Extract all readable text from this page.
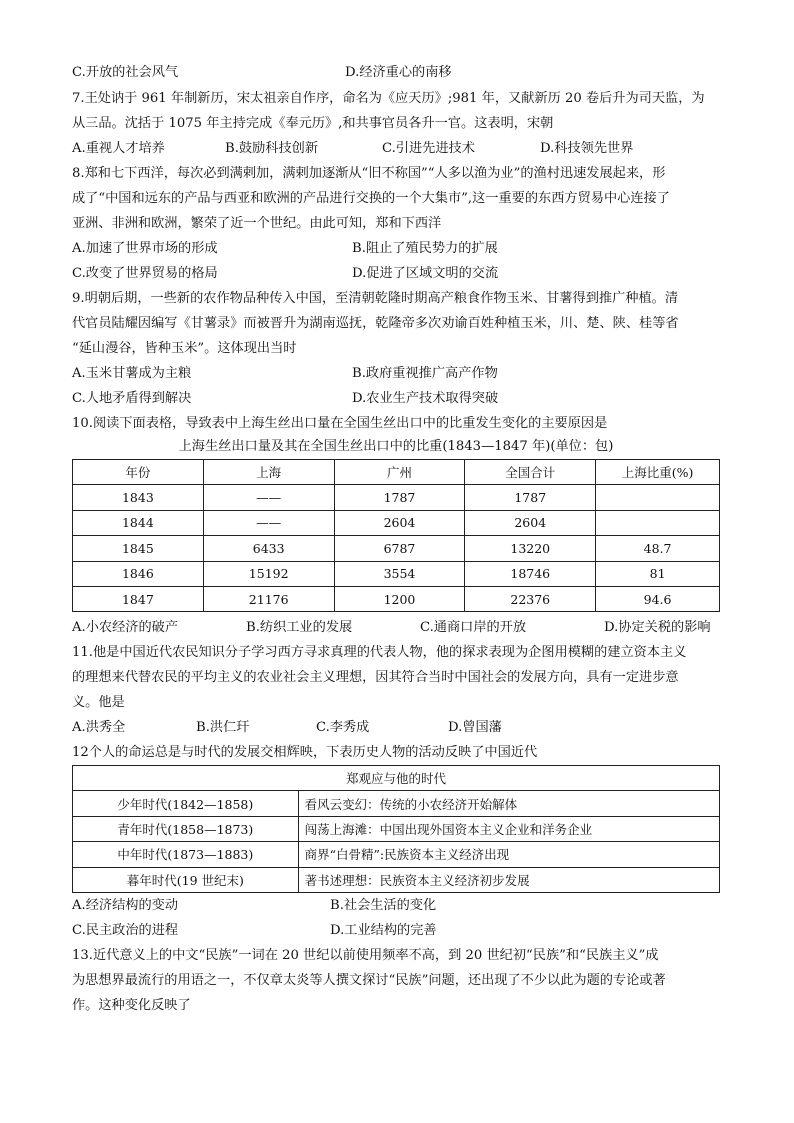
C.开放的社会风气	D.经济重心的南移
7.王处讷于 961 年制新历，宋太祖亲自作序，命名为《应天历》;981 年，又献新历 20 卷后升为司天监，为
从三品。沈括于 1075 年主持完成《奉元历》,和共事官员各升一官。这表明，宋朝
A.重视人才培养	B.鼓励科技创新	C.引进先进技术	D.科技领先世界
8.郑和七下西洋，每次必到满剌加，满剌加逐渐从“旧不称国”“人多以渔为业”的渔村迅速发展起来，形
成了“中国和远东的产品与西亚和欧洲的产品进行交换的一个大集市”,这一重要的东西方贸易中心连接了
亚洲、非洲和欧洲，繁荣了近一个世纪。由此可知，郑和下西洋
A.加速了世界市场的形成	B.阻止了殖民势力的扩展
C.改变了世界贸易的格局	D.促进了区域文明的交流
9.明朝后期，一些新的农作物品种传入中国，至清朝乾隆时期高产粮食作物玉米、甘薯得到推广种植。清
代官员陆耀因编写《甘薯录》而被晋升为湖南巡抚，乾隆帝多次劝谕百姓种植玉米，川、楚、陕、桂等省
“延山漫谷，皆种玉米”。这体现出当时
A.玉米甘薯成为主粮	B.政府重视推广高产作物
C.人地矛盾得到解决	D.农业生产技术取得突破
10.阅读下面表格，导致表中上海生丝出口量在全国生丝出口中的比重发生变化的主要原因是
上海生丝出口量及其在全国生丝出口中的比重(1843—1847 年)(单位：包)
年份	上海	广州	全国合计	上海比重(%)
1843	——	1787	1787	
1844	——	2604	2604	
1845	6433	6787	13220	48.7
1846	15192	3554	18746	81
1847	21176	1200	22376	94.6
A.小农经济的破产	B.纺织工业的发展	C.通商口岸的开放	D.协定关税的影响
11.他是中国近代农民知识分子学习西方寻求真理的代表人物，他的探求表现为企图用模糊的建立资本主义
的理想来代替农民的平均主义的农业社会主义理想，因其符合当时中国社会的发展方向，具有一定进步意
义。他是
A.洪秀全	B.洪仁玕	C.李秀成	D.曾国藩
12个人的命运总是与时代的发展交相辉映，下表历史人物的活动反映了中国近代
郑观应与他的时代	
少年时代(1842—1858)	看风云变幻：传统的小农经济开始解体
青年时代(1858—1873)	闯荡上海滩：中国出现外国资本主义企业和洋务企业
中年时代(1873—1883)	商界“白骨精”:民族资本主义经济出现
暮年时代(19 世纪末)	著书述理想：民族资本主义经济初步发展
A.经济结构的变动	B.社会生活的变化
C.民主政治的进程	D.工业结构的完善
13.近代意义上的中文“民族”一词在 20 世纪以前使用频率不高，到 20 世纪初“民族”和“民族主义”成
为思想界最流行的用语之一，不仅章太炎等人撰文探讨“民族”问题，还出现了不少以此为题的专论或著
作。这种变化反映了
